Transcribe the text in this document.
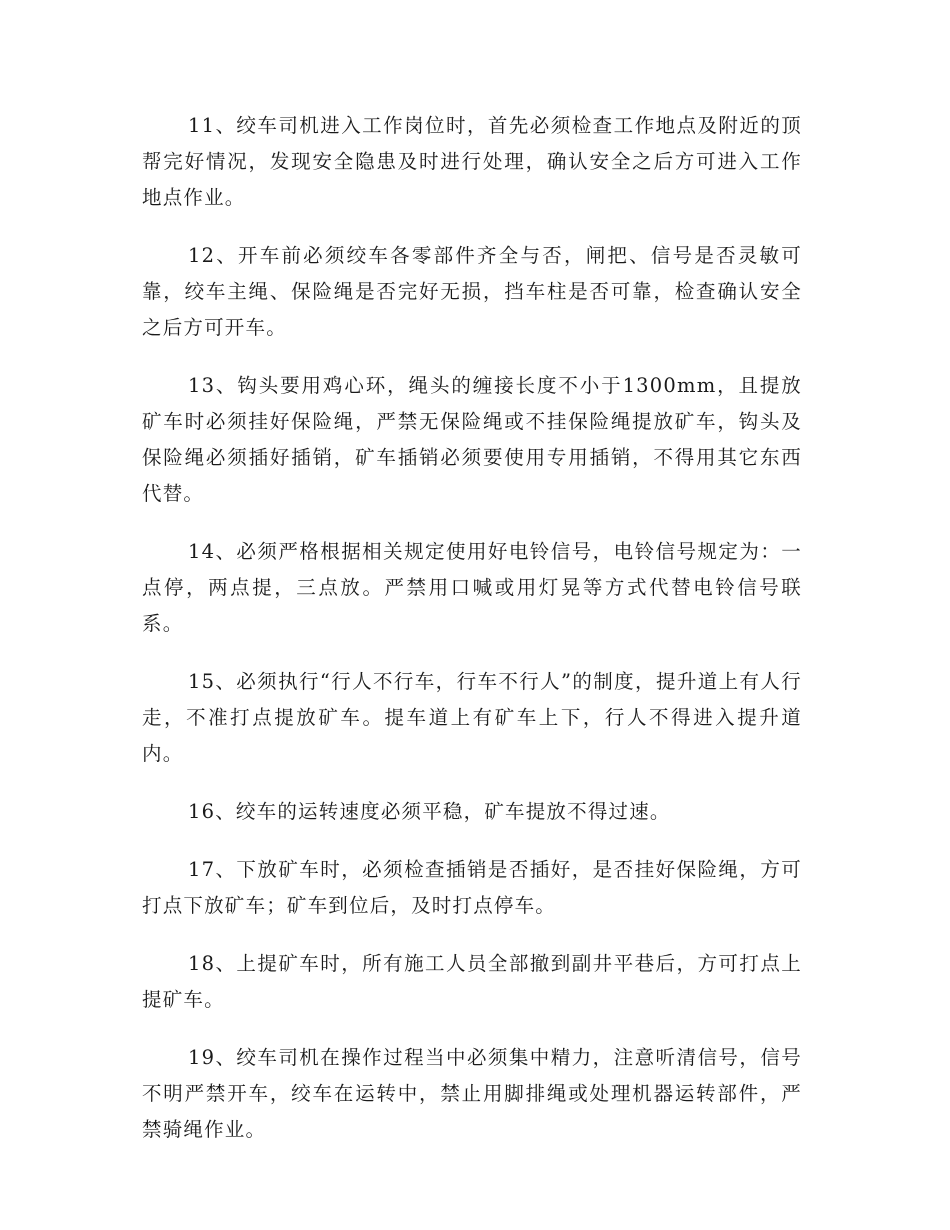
11、绞车司机进入工作岗位时，首先必须检查工作地点及附近的顶帮完好情况，发现安全隐患及时进行处理，确认安全之后方可进入工作地点作业。

12、开车前必须绞车各零部件齐全与否，闸把、信号是否灵敏可靠，绞车主绳、保险绳是否完好无损，挡车柱是否可靠，检查确认安全之后方可开车。

13、钩头要用鸡心环，绳头的缠接长度不小于1300mm，且提放矿车时必须挂好保险绳，严禁无保险绳或不挂保险绳提放矿车，钩头及保险绳必须插好插销，矿车插销必须要使用专用插销，不得用其它东西代替。

14、必须严格根据相关规定使用好电铃信号，电铃信号规定为：一点停，两点提，三点放。严禁用口喊或用灯晃等方式代替电铃信号联系。

15、必须执行“行人不行车，行车不行人”的制度，提升道上有人行走，不准打点提放矿车。提车道上有矿车上下，行人不得进入提升道内。

16、绞车的运转速度必须平稳，矿车提放不得过速。

17、下放矿车时，必须检查插销是否插好，是否挂好保险绳，方可打点下放矿车；矿车到位后，及时打点停车。

18、上提矿车时，所有施工人员全部撤到副井平巷后，方可打点上提矿车。

19、绞车司机在操作过程当中必须集中精力，注意听清信号，信号不明严禁开车，绞车在运转中，禁止用脚排绳或处理机器运转部件，严禁骑绳作业。
